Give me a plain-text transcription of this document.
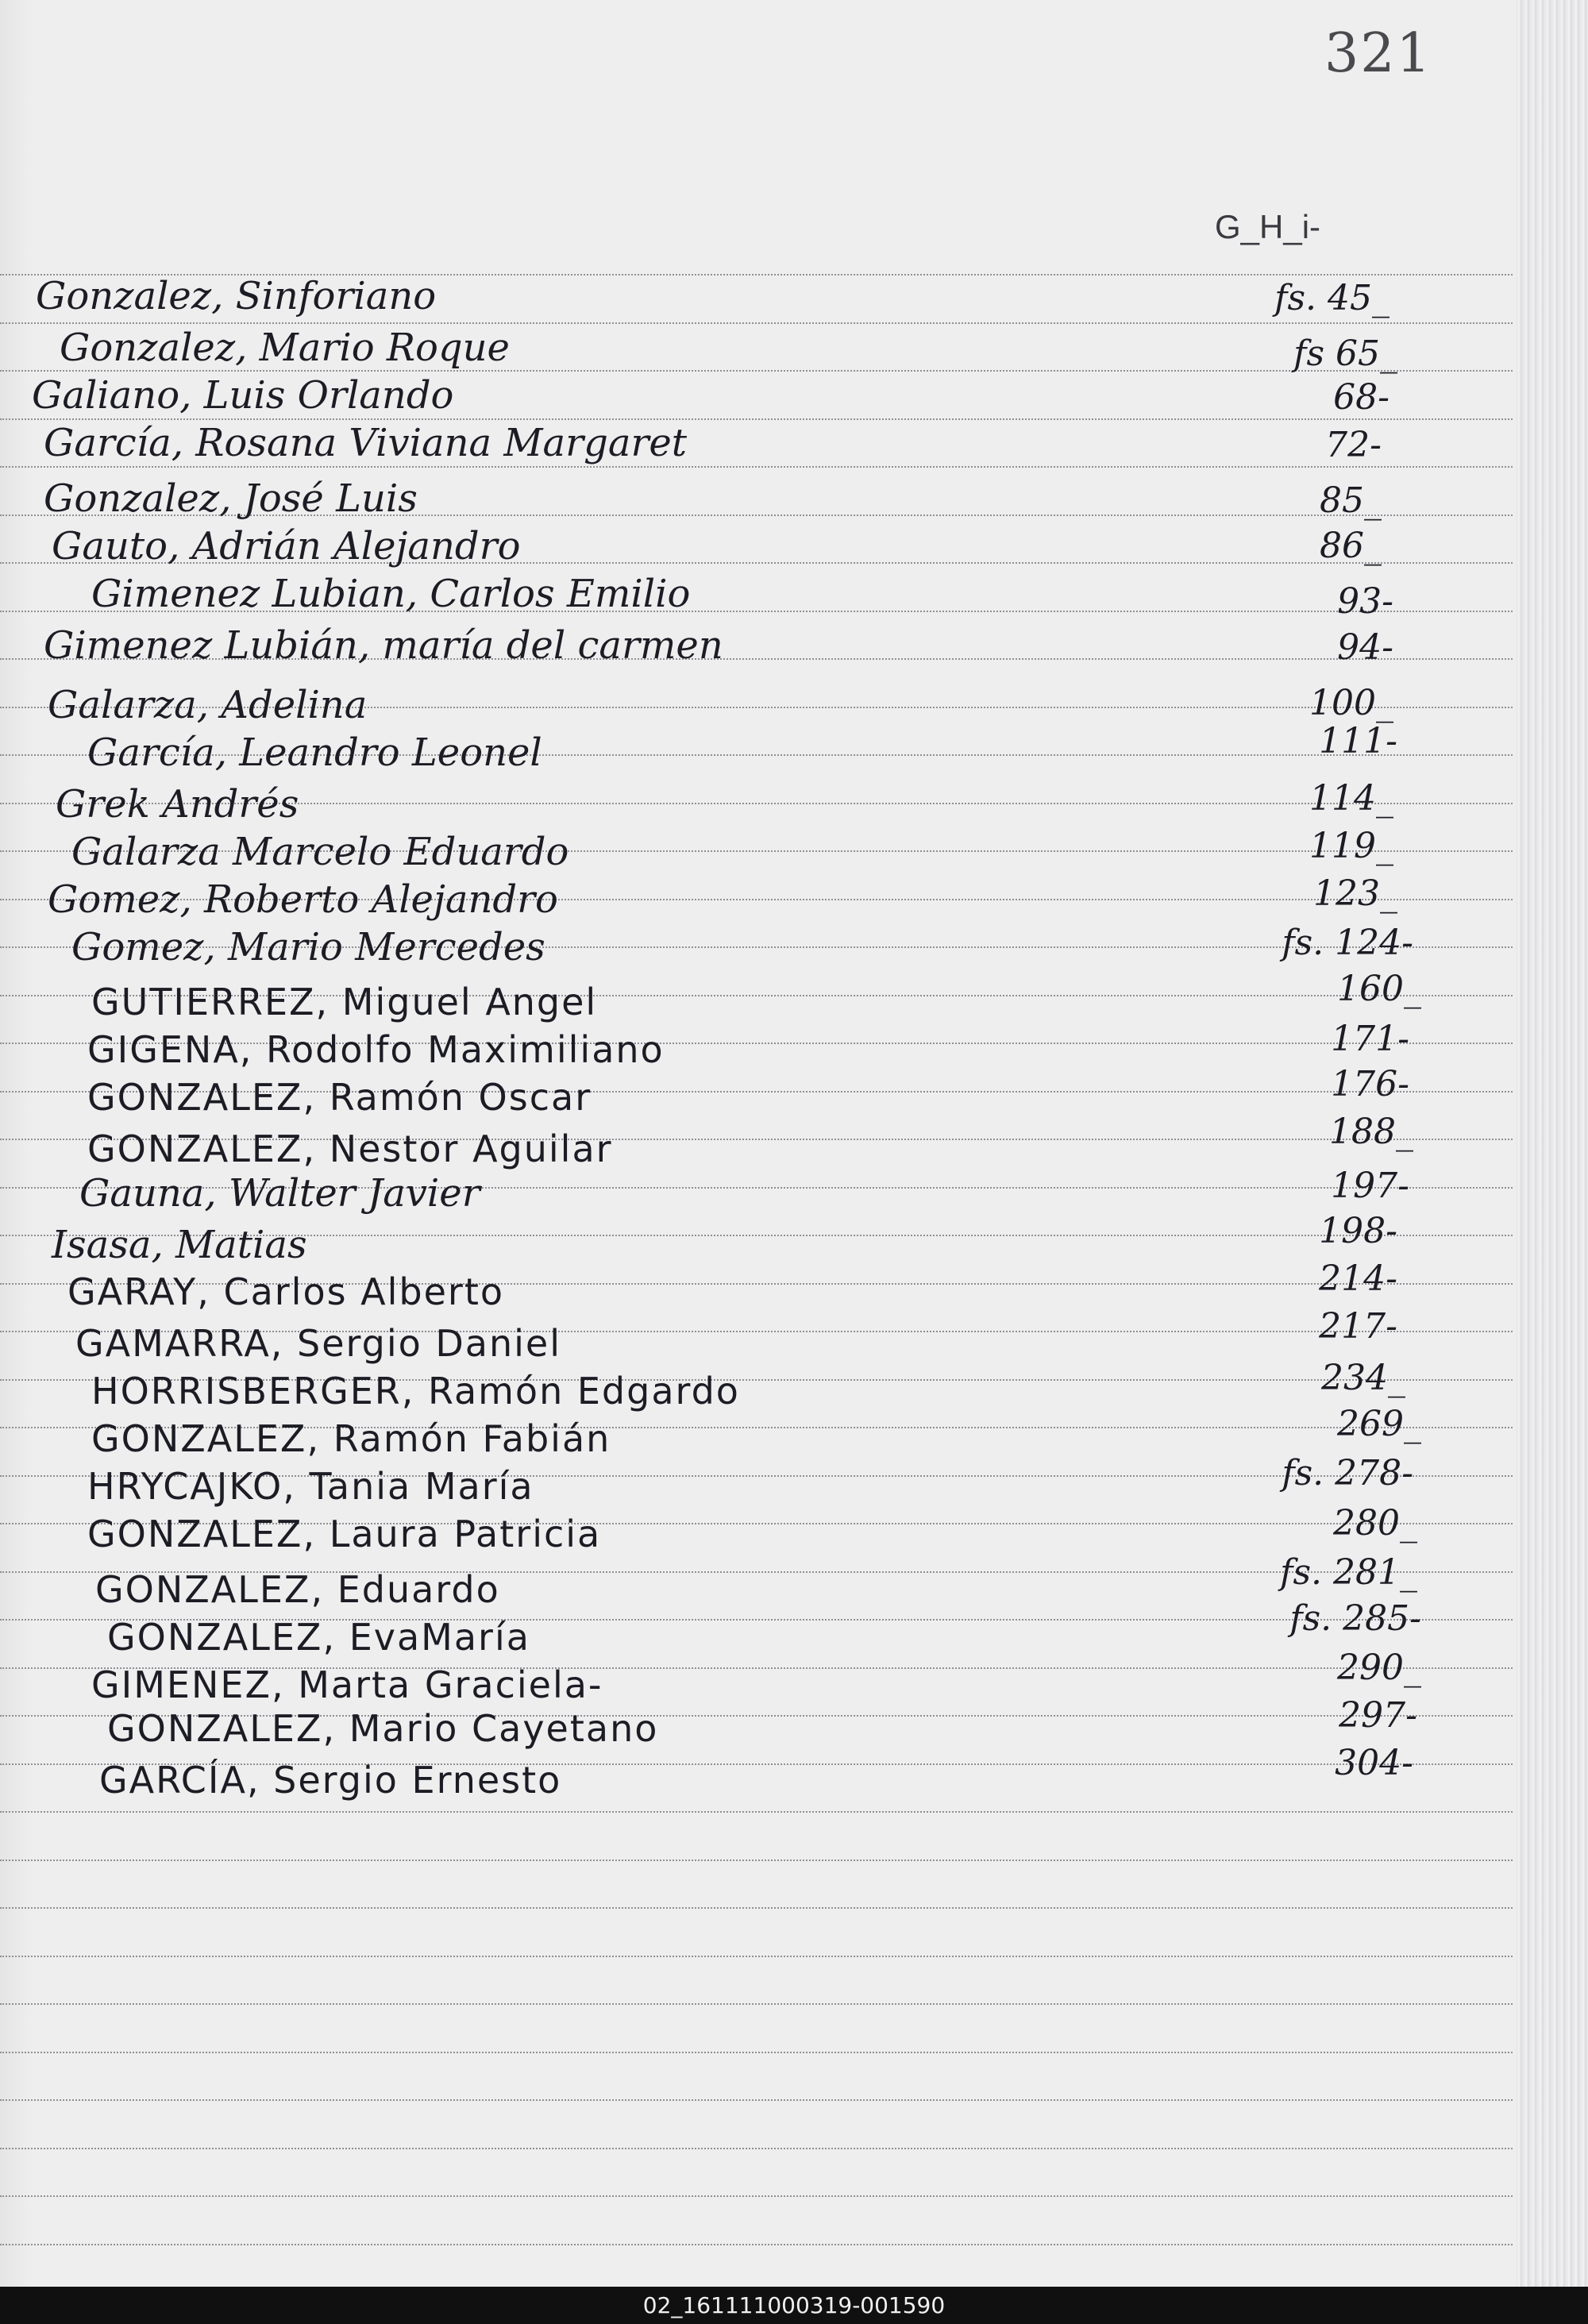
321
G_H_i-
Gonzalez, Sinforiano	fs. 45_
Gonzalez, Mario Roque	fs 65_
Galiano, Luis Orlando	68-
García, Rosana Viviana Margaret	72-
Gonzalez, José Luis	85_
Gauto, Adrián Alejandro	86_
Gimenez Lubian, Carlos Emilio	93-
Gimenez Lubián, maría del carmen	94-
Galarza, Adelina	100_
García, Leandro Leonel	111-
Grek Andrés	114_
Galarza Marcelo Eduardo	119_
Gomez, Roberto Alejandro	123_
Gomez, Mario Mercedes	fs. 124-
GUTIERREZ, Miguel Angel	160_
GIGENA, Rodolfo Maximiliano	171-
GONZALEZ, Ramón Oscar	176-
GONZALEZ, Nestor Aguilar	188_
Gauna, Walter Javier	197-
Isasa, Matias	198-
GARAY, Carlos Alberto	214-
GAMARRA, Sergio Daniel	217-
HORRISBERGER, Ramón Edgardo	234_
GONZALEZ, Ramón Fabián	269_
HRYCAJKO, Tania María	fs. 278-
GONZALEZ, Laura Patricia	280_
GONZALEZ, Eduardo	fs. 281_
GONZALEZ, EvaMaría	fs. 285-
GIMENEZ, Marta Graciela-	290_
GONZALEZ, Mario Cayetano	297-
GARCÍA, Sergio Ernesto	304-
02_161111000319-001590
